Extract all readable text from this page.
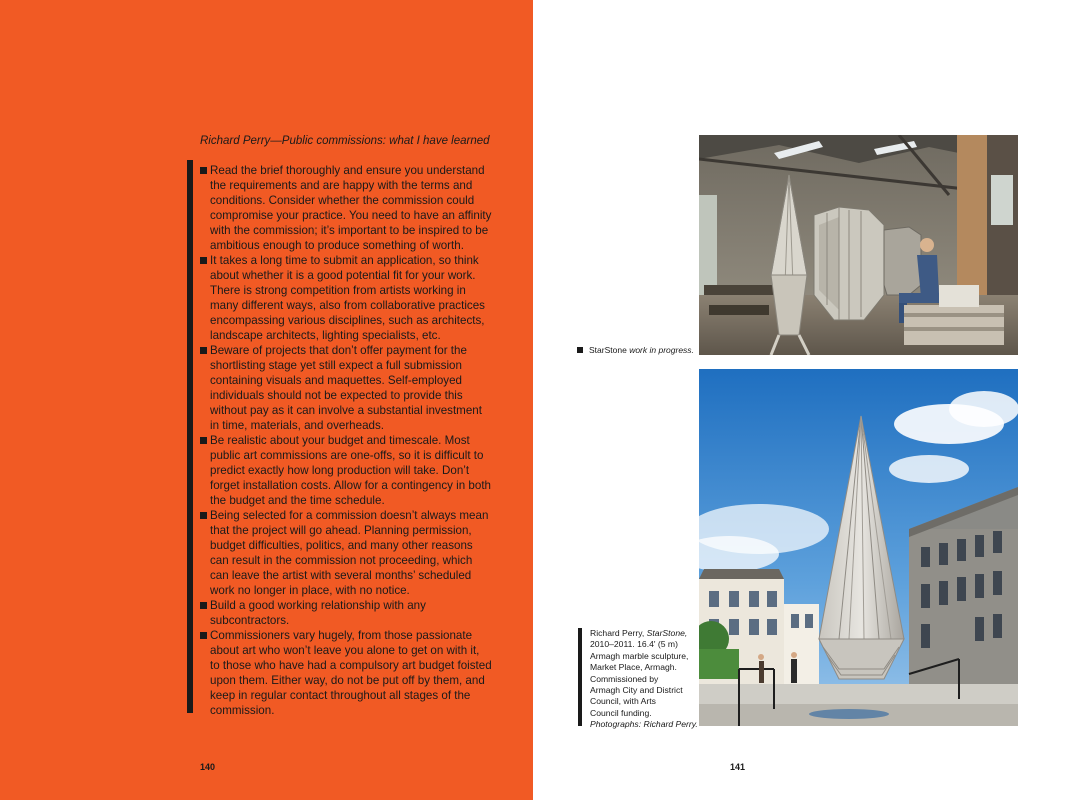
Richard Perry—Public commissions: what I have learned
Read the brief thoroughly and ensure you understand the requirements and are happy with the terms and conditions. Consider whether the commission could compromise your practice. You need to have an affinity with the commission; it’s important to be inspired to be ambitious enough to produce something of worth.
It takes a long time to submit an application, so think about whether it is a good potential fit for your work. There is strong competition from artists working in many different ways, also from collaborative practices encompassing various disciplines, such as architects, landscape architects, lighting specialists, etc.
Beware of projects that don’t offer payment for the shortlisting stage yet still expect a full submission containing visuals and maquettes. Self-employed individuals should not be expected to provide this without pay as it can involve a substantial investment in time, materials, and overheads.
Be realistic about your budget and timescale. Most public art commissions are one-offs, so it is difficult to predict exactly how long production will take. Don’t forget installation costs. Allow for a contingency in both the budget and the time schedule.
Being selected for a commission doesn’t always mean that the project will go ahead. Planning permission, budget difficulties, politics, and many other reasons can result in the commission not proceeding, which can leave the artist with several months’ scheduled work no longer in place, with no notice.
Build a good working relationship with any subcontractors.
Commissioners vary hugely, from those passionate about art who won’t leave you alone to get on with it, to those who have had a compulsory art budget foisted upon them. Either way, do not be put off by them, and keep in regular contact throughout all stages of the commission.
140
StarStone work in progress.
Richard Perry, StarStone,
2010–2011. 16.4' (5 m)
Armagh marble sculpture,
Market Place, Armagh.
Commissioned by
Armagh City and District
Council, with Arts
Council funding.
Photographs: Richard Perry.
141
